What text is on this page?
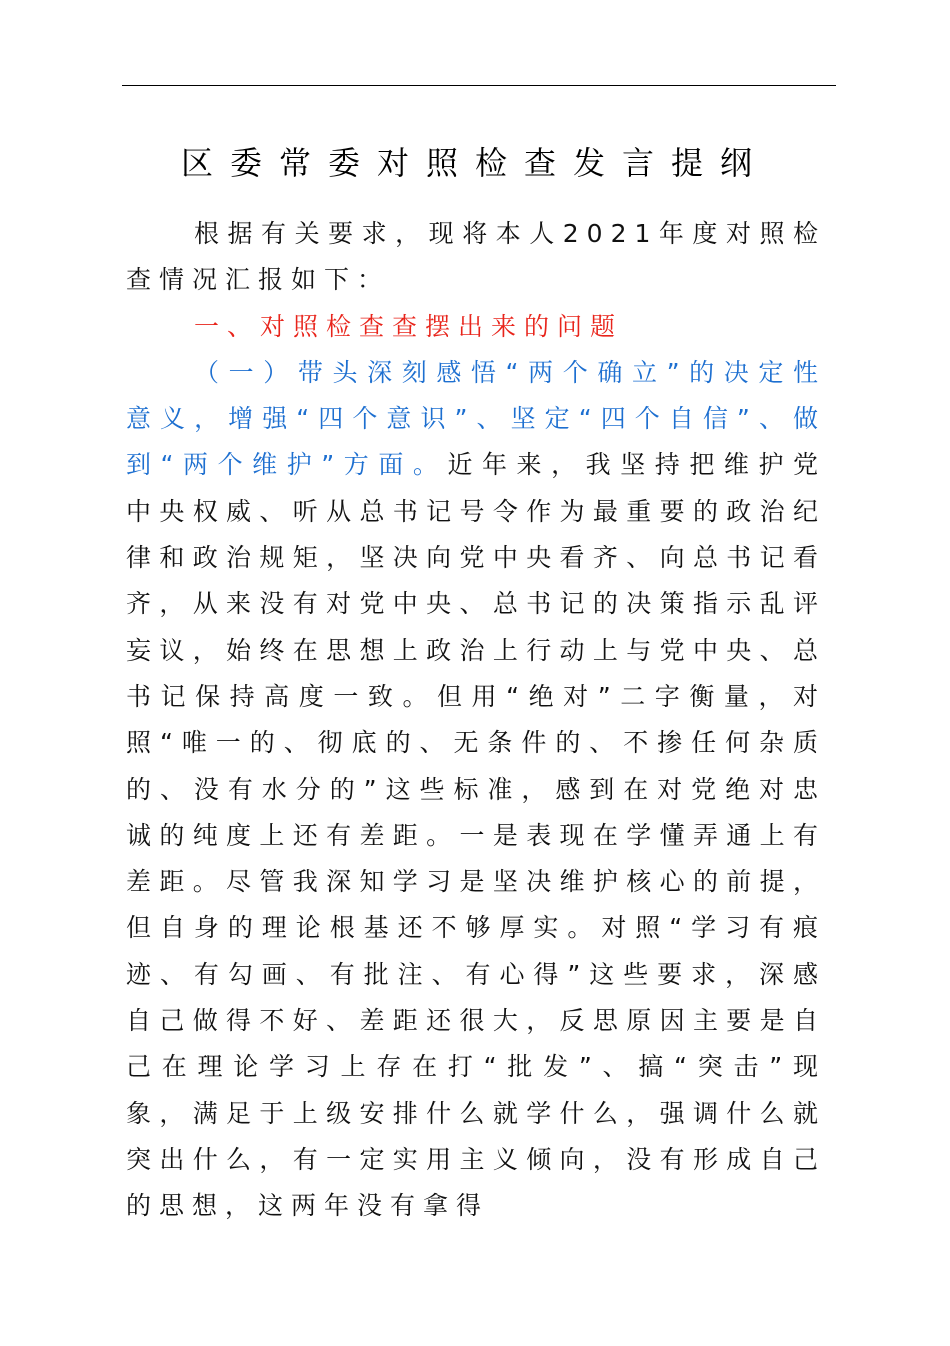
区委常委对照检查发言提纲

根据有关要求，现将本人2021年度对照检查情况汇报如下：

一、对照检查查摆出来的问题

（一）带头深刻感悟“两个确立”的决定性意义，增强“四个意识”、坚定“四个自信”、做到“两个维护”方面。近年来，我坚持把维护党中央权威、听从总书记号令作为最重要的政治纪律和政治规矩，坚决向党中央看齐、向总书记看齐，从来没有对党中央、总书记的决策指示乱评妄议，始终在思想上政治上行动上与党中央、总书记保持高度一致。但用“绝对”二字衡量，对照“唯一的、彻底的、无条件的、不掺任何杂质的、没有水分的”这些标准，感到在对党绝对忠诚的纯度上还有差距。一是表现在学懂弄通上有差距。尽管我深知学习是坚决维护核心的前提，但自身的理论根基还不够厚实。对照“学习有痕迹、有勾画、有批注、有心得”这些要求，深感自己做得不好、差距还很大，反思原因主要是自己在理论学习上存在打“批发”、搞“突击”现象，满足于上级安排什么就学什么，强调什么就突出什么，有一定实用主义倾向，没有形成自己的思想，这两年没有拿得
